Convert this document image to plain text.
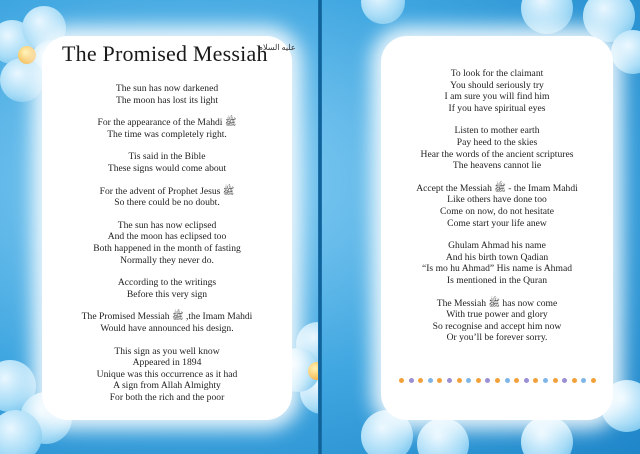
The Promised Messiah
عليه السلام
The sun has now darkened
The moon has lost its light
For the appearance of the Mahdi ﷺ
The time was completely right.
Tis said in the Bible
These signs would come about
For the advent of Prophet Jesus ﷺ
So there could be no doubt.
The sun has now eclipsed
And the moon has eclipsed too
Both happened in the month of fasting
Normally they never do.
According to the writings
Before this very sign
The Promised Messiah ﷺ ,the Imam Mahdi
Would have announced his design.
This sign as you well know
Appeared in 1894
Unique was this occurrence as it had
A sign from Allah Almighty
For both the rich and the poor
To look for the claimant
You should seriously try
I am sure you will find him
If you have spiritual eyes
Listen to mother earth
Pay heed to the skies
Hear the words of the ancient scriptures
The heavens cannot lie
Accept the Messiah ﷺ - the Imam Mahdi
Like others have done too
Come on now, do not hesitate
Come start your life anew
Ghulam Ahmad his name
And his birth town Qadian
“Is mo hu Ahmad” His name is Ahmad
Is mentioned in the Quran
The Messiah ﷺ has now come
With true power and glory
So recognise and accept him now
Or you’ll be forever sorry.
